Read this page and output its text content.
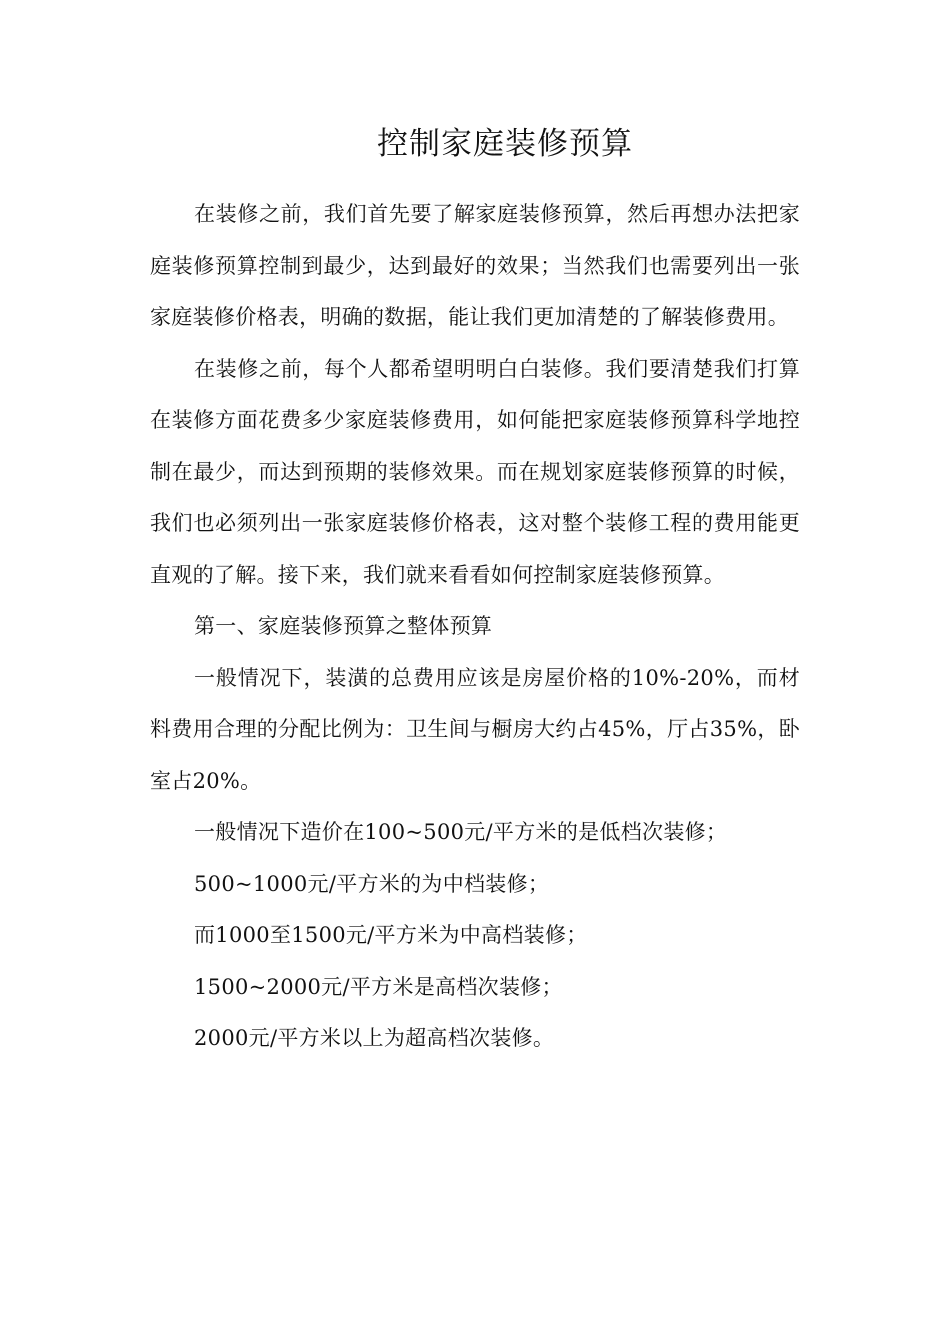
控制家庭装修预算

在装修之前，我们首先要了解家庭装修预算，然后再想办法把家庭装修预算控制到最少，达到最好的效果；当然我们也需要列出一张家庭装修价格表，明确的数据，能让我们更加清楚的了解装修费用。

在装修之前，每个人都希望明明白白装修。我们要清楚我们打算在装修方面花费多少家庭装修费用，如何能把家庭装修预算科学地控制在最少，而达到预期的装修效果。而在规划家庭装修预算的时候，我们也必须列出一张家庭装修价格表，这对整个装修工程的费用能更直观的了解。接下来，我们就来看看如何控制家庭装修预算。

第一、家庭装修预算之整体预算

一般情况下，装潢的总费用应该是房屋价格的10%-20%，而材料费用合理的分配比例为：卫生间与橱房大约占45%，厅占35%，卧室占20%。

一般情况下造价在100~500元/平方米的是低档次装修；

500~1000元/平方米的为中档装修；

而1000至1500元/平方米为中高档装修；

1500~2000元/平方米是高档次装修；

2000元/平方米以上为超高档次装修。
